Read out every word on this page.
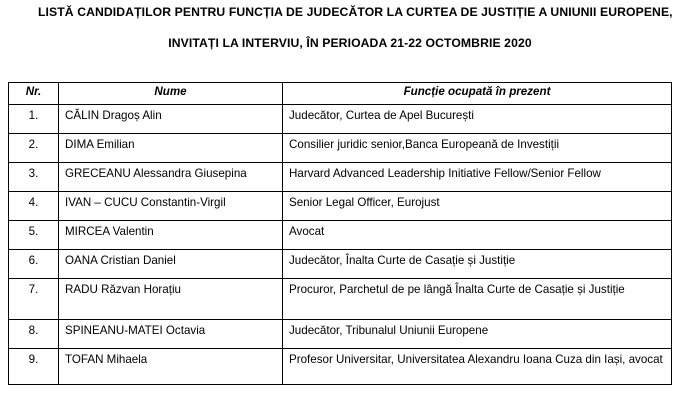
LISTĂ CANDIDAȚILOR PENTRU FUNCȚIA DE JUDECĂTOR LA CURTEA DE JUSTIȚIE A UNIUNII EUROPENE,
INVITAȚI LA INTERVIU, ÎN PERIOADA 21-22 OCTOMBRIE 2020
Nr.	Nume	Funcție ocupată în prezent
1.	CĂLIN Dragoș Alin	Judecător, Curtea de Apel București
2.	DIMA Emilian	Consilier juridic senior,Banca Europeană de Investiții
3.	GRECEANU Alessandra Giusepina	Harvard Advanced Leadership Initiative Fellow/Senior Fellow
4.	IVAN – CUCU Constantin-Virgil	Senior Legal Officer, Eurojust
5.	MIRCEA Valentin	Avocat
6.	OANA Cristian Daniel	Judecător, Înalta Curte de Casație și Justiție
7.	RADU Răzvan Horațiu	Procuror, Parchetul de pe lângă Înalta Curte de Casație și Justiție
8.	SPINEANU-MATEI Octavia	Judecător, Tribunalul Uniunii Europene
9.	TOFAN Mihaela	Profesor Universitar, Universitatea Alexandru Ioana Cuza din Iași, avocat
